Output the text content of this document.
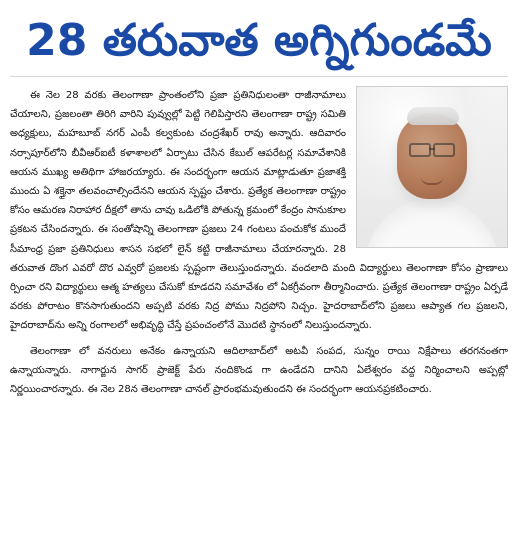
28 తరువాత అగ్నిగుండమే

ఈ నెల 28 వరకు తెలంగాణా ప్రాంతంలోని ప్రజా ప్రతినిధులంతా రాజీనామాలు చేయాలని, ప్రజలంతా తిరిగి వారిని పువ్వుల్లో పెట్టి గెలిపిస్తారని తెలంగాణా రాష్ట్ర సమితి అధ్యక్షులు, మహబూబ్ నగర్ ఎంపీ కల్వకుంట చంద్రశేఖర్ రావు అన్నారు. ఆదివారం నర్సాపూర్‌లోని బీవీఆర్ఐటీ కళాశాలలో ఏర్పాటు చేసిన కేబుల్ ఆపరేటర్ల సమావేశానికి ఆయన ముఖ్య అతిథిగా హాజరయ్యారు. ఈ సందర్భంగా ఆయన మాట్లాడుతూ ప్రజాశక్తి ముందు ఏ శక్తైనా తలవంచాల్సిందేనని ఆయన స్పష్టం చేశారు. ప్రత్యేక తెలంగాణా రాష్ట్రం కోసం ఆమరణ నిరాహార దీక్షలో తాను చావు ఒడిలోకి పోతున్న క్రమంలో కేంద్రం సానుకూల ప్రకటన చేసిందన్నారు. ఈ సంతోషాన్ని తెలంగాణా ప్రజలు 24 గంటలు పంచుకోక ముందే సీమాంధ్ర ప్రజా ప్రతినిధులు శాసన సభలో లైన్ కట్టి రాజీనామాలు చేయారన్నారు. 28 తరువాత దొంగ ఎవరో దొర ఎవ్వరో ప్రజలకు స్పష్టంగా తెలుస్తుందన్నారు. వందలాది మంది విద్యార్థులు తెలంగాణా కోసం ప్రాణాలు ర్పించా రని విద్యార్థులు ఆత్మ హత్యలు చేసుకో కూడదని సమావేశం లో ఏకగ్రీవంగా తీర్మానించారు. ప్రత్యేక తెలంగాణా రాష్ట్రం ఏర్పడే వరకు పోరాటం కొనసాగుతుందని అప్పటి వరకు నిద్ర పోము నిద్రపోని నిచ్చం. హైదరాబాద్‌లోని ప్రజలు ఆప్యాత గల ప్రజలని, హైదరాబాద్‌ను అన్ని రంగాలలో అభివృద్ధి చేస్తే ప్రపంచంలోనే మొదటి స్థానంలో నిలుస్తుందన్నారు.

తెలంగాణా లో వనరులు అనేకం ఉన్నాయని ఆదిలాబాద్‌లో అటవీ సంపద, సున్నం రాయి నిక్షేపాలు తరగనంతగా ఉన్నాయన్నారు. నాగార్జున సాగర్ ప్రాజెక్ట్ పేరు నందికొండ గా ఉండేదని దానిని ఏలేశ్వరం వద్ద నిర్మించాలని అప్పట్లో నిర్ణయించారన్నారు. ఈ నెల 28న తెలంగాణా చానల్ ప్రారంభమవుతుందని ఈ సందర్భంగా ఆయనప్రకటించారు.
